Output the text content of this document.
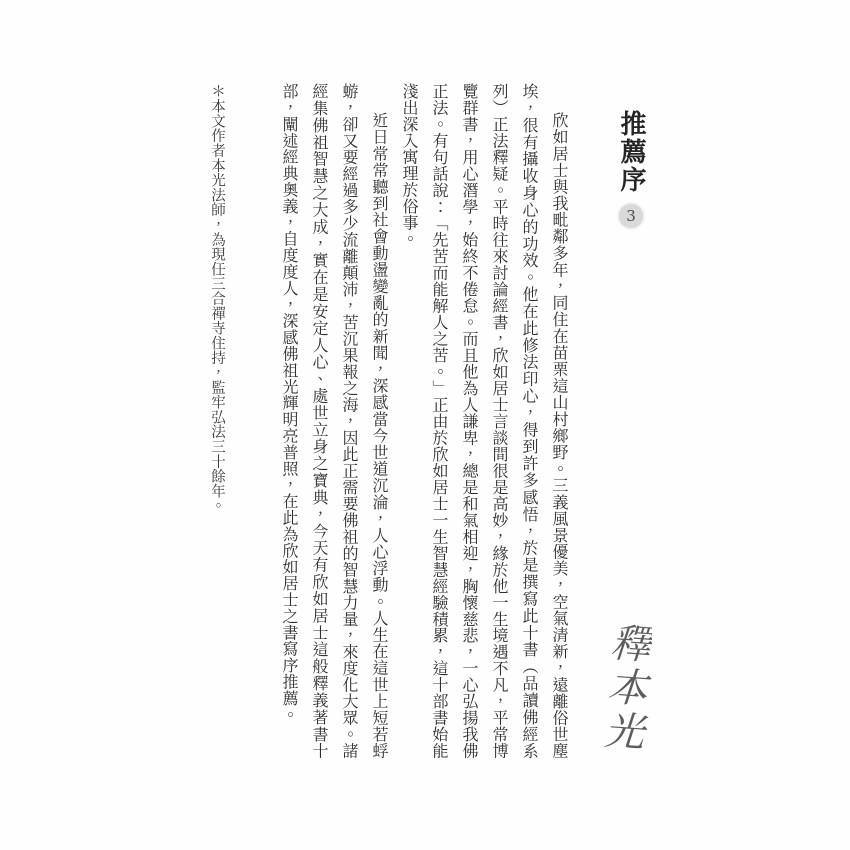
推薦序
3

欣如居士與我毗鄰多年，同住在苗栗這山村鄉野。三義風景優美，空氣清新，遠離俗世塵埃，很有攝收身心的功效。他在此修法印心，得到許多感悟，於是撰寫此十書（品讀佛經系列）正法釋疑。平時往來討論經書，欣如居士言談間很是高妙，緣於他一生境遇不凡，平常博覽群書，用心潛學，始終不倦怠。而且他為人謙卑，總是和氣相迎，胸懷慈悲，一心弘揚我佛正法。有句話說：「先苦而能解人之苦。」正由於欣如居士一生智慧經驗積累，這十部書始能淺出深入寓理於俗事。

近日常常聽到社會動盪變亂的新聞，深感當今世道沉淪，人心浮動。人生在這世上短若蜉蝣，卻又要經過多少流離顛沛，苦沉果報之海，因此正需要佛祖的智慧力量，來度化大眾。諸經集佛祖智慧之大成，實在是安定人心、處世立身之寶典，今天有欣如居士這般釋義著書十部，闡述經典奧義，自度度人，深感佛祖光輝明亮普照，在此為欣如居士之書寫序推薦。	釋本光
＊本文作者本光法師，為現任三合禪寺住持，監牢弘法三十餘年。
